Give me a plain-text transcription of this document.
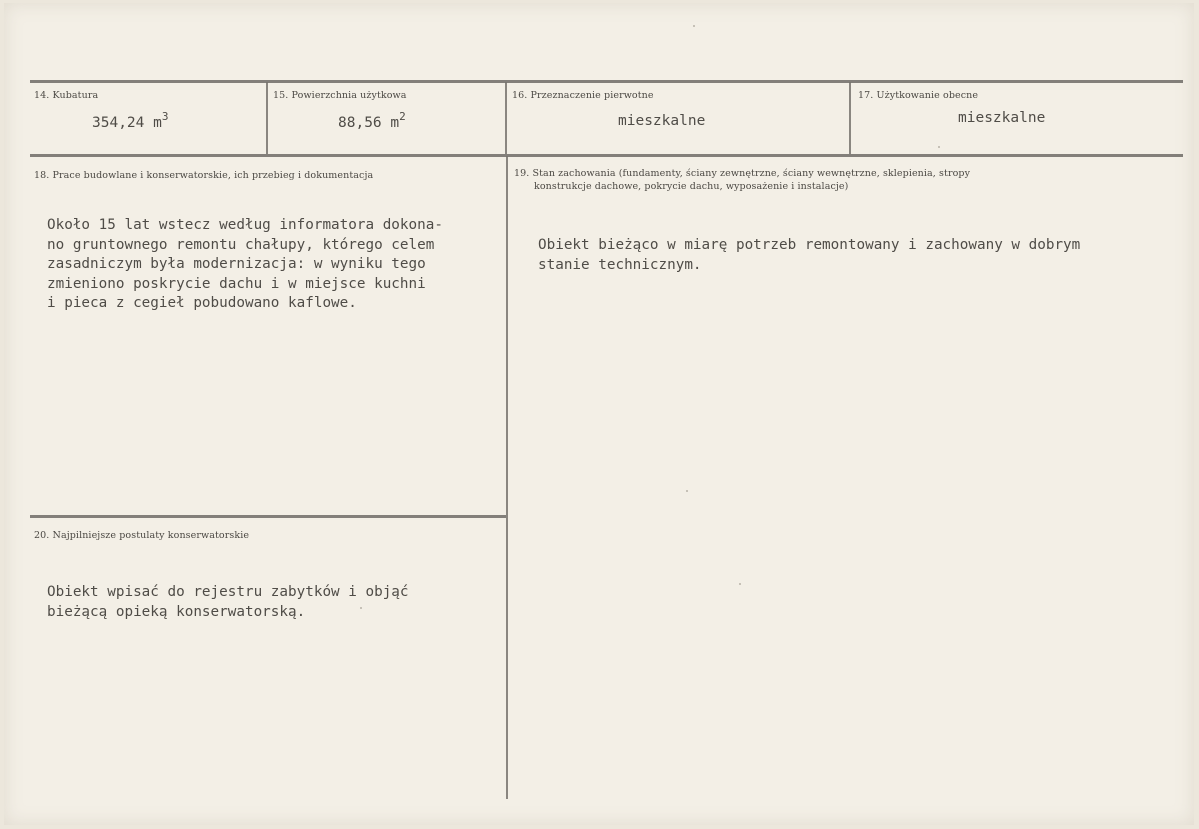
14. Kubatura
354,24 $m^3$
15. Powierzchnia użytkowa
88,56 $m^2$
16. Przeznaczenie pierwotne
mieszkalne
17. Użytkowanie obecne
mieszkalne
18. Prace budowlane i konserwatorskie, ich przebieg i dokumentacja
Około 15 lat wstecz według informatora dokona-
no gruntownego remontu chałupy, którego celem
zasadniczym była modernizacja: w wyniku tego
zmieniono poskrycie dachu i w miejsce kuchni
i pieca z cegieł pobudowano kaflowe.
19. Stan zachowania (fundamenty, ściany zewnętrzne, ściany wewnętrzne, sklepienia, stropy
konstrukcje dachowe, pokrycie dachu, wyposażenie i instalacje)
Obiekt bieżąco w miarę potrzeb remontowany i zachowany w dobrym
stanie technicznym.
20. Najpilniejsze postulaty konserwatorskie
Obiekt wpisać do rejestru zabytków i objąć
bieżącą opieką konserwatorską.
